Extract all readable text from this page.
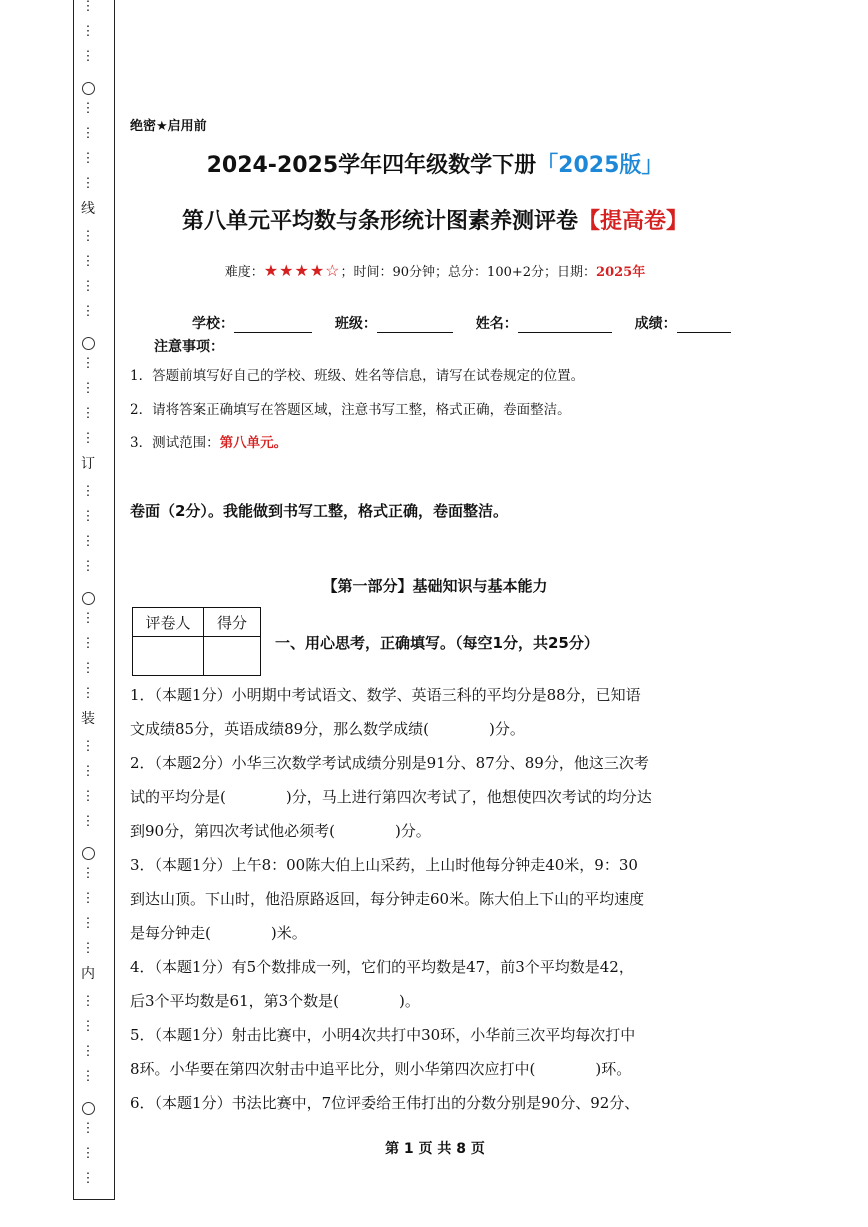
⋮
⋮
⋮
⋮
⋮
⋮
⋮
线
⋮
⋮
⋮
⋮
⋮
⋮
⋮
⋮
订
⋮
⋮
⋮
⋮
⋮
⋮
⋮
⋮
装
⋮
⋮
⋮
⋮
⋮
⋮
⋮
⋮
内
⋮
⋮
⋮
⋮
⋮
⋮
⋮
绝密★启用前
2024-2025学年四年级数学下册「2025版」
第八单元平均数与条形统计图素养测评卷【提高卷】
难度：★★★★☆；时间：90分钟；总分：100+2分；日期：2025年
学校：	班级：	姓名：	成绩：
注意事项：
1．答题前填写好自己的学校、班级、姓名等信息，请写在试卷规定的位置。
2．请将答案正确填写在答题区域，注意书写工整，格式正确，卷面整洁。
3．测试范围：第八单元。
卷面（2分）。我能做到书写工整，格式正确，卷面整洁。
【第一部分】基础知识与基本能力
评卷人	得分

一、用心思考，正确填写。（每空1分，共25分）
1．（本题1分）小明期中考试语文、数学、英语三科的平均分是88分，已知语
文成绩85分，英语成绩89分，那么数学成绩(　　　　)分。
2．（本题2分）小华三次数学考试成绩分别是91分、87分、89分，他这三次考
试的平均分是(　　　　)分，马上进行第四次考试了，他想使四次考试的均分达
到90分，第四次考试他必须考(　　　　)分。
3．（本题1分）上午8：00陈大伯上山采药，上山时他每分钟走40米，9：30
到达山顶。下山时，他沿原路返回，每分钟走60米。陈大伯上下山的平均速度
是每分钟走(　　　　)米。
4．（本题1分）有5个数排成一列，它们的平均数是47，前3个平均数是42，
后3个平均数是61，第3个数是(　　　　)。
5．（本题1分）射击比赛中，小明4次共打中30环，小华前三次平均每次打中
8环。小华要在第四次射击中追平比分，则小华第四次应打中(　　　　)环。
6．（本题1分）书法比赛中，7位评委给王伟打出的分数分别是90分、92分、
第 1 页 共 8 页
